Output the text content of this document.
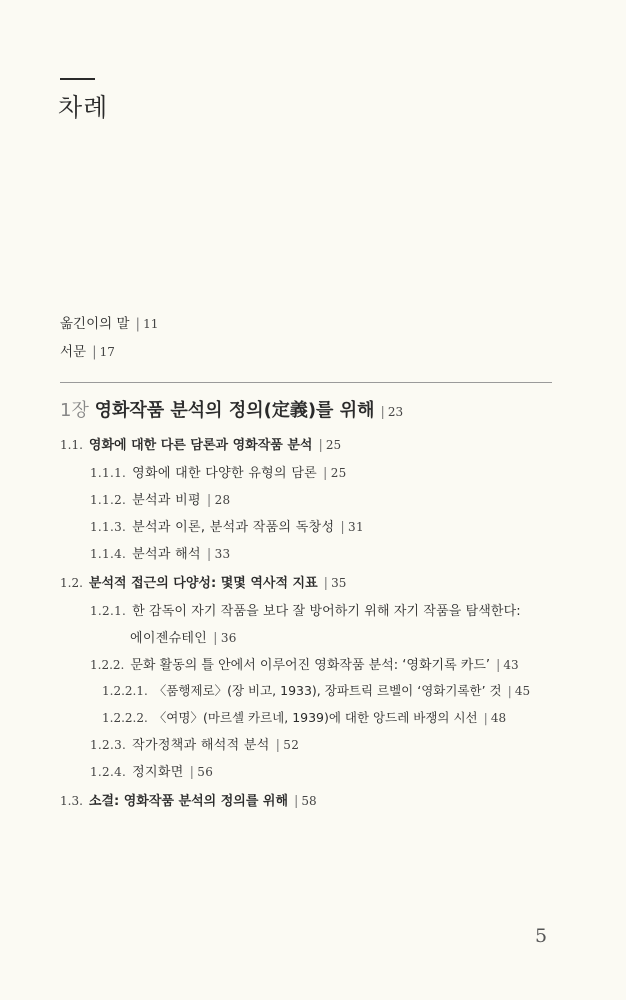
차례
옮긴이의 말 | 11
서문 | 17
1장 영화작품 분석의 정의(定義)를 위해 | 23
1.1. 영화에 대한 다른 담론과 영화작품 분석 | 25
1.1.1. 영화에 대한 다양한 유형의 담론 | 25
1.1.2. 분석과 비평 | 28
1.1.3. 분석과 이론, 분석과 작품의 독창성 | 31
1.1.4. 분석과 해석 | 33
1.2. 분석적 접근의 다양성: 몇몇 역사적 지표 | 35
1.2.1. 한 감독이 자기 작품을 보다 잘 방어하기 위해 자기 작품을 탐색한다:
에이젠슈테인 | 36
1.2.2. 문화 활동의 틀 안에서 이루어진 영화작품 분석: ‘영화기록 카드’ | 43
1.2.2.1. 〈품행제로〉(장 비고, 1933), 장파트릭 르벨이 ‘영화기록한’ 것 | 45
1.2.2.2. 〈여명〉(마르셀 카르네, 1939)에 대한 앙드레 바쟁의 시선 | 48
1.2.3. 작가정책과 해석적 분석 | 52
1.2.4. 정지화면 | 56
1.3. 소결: 영화작품 분석의 정의를 위해 | 58
5
